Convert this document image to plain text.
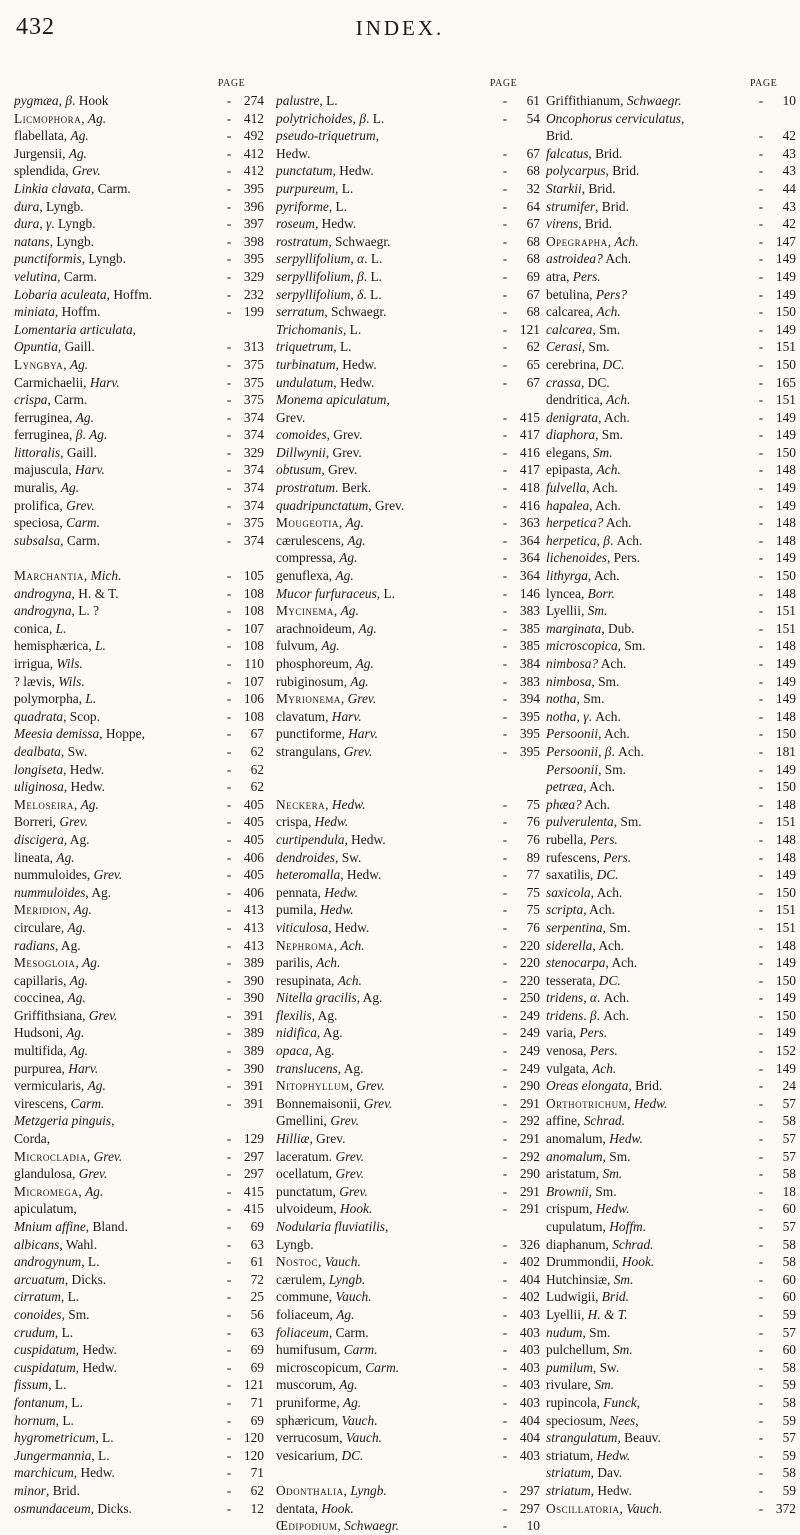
432	INDEX.
PAGE	PAGE	PAGE
pygmæa, β. Hook	- 274
Licmophora, Ag.	- 412
flabellata, Ag.	- 492
Jurgensii, Ag.	- 412
splendida, Grev.	- 412
Linkia clavata, Carm.	- 395
dura, Lyngb.	- 396
dura, γ. Lyngb.	- 397
natans, Lyngb.	- 398
punctiformis, Lyngb.	- 395
velutina, Carm.	- 329
Lobaria aculeata, Hoffm.	- 232
miniata, Hoffm.	- 199
Lomentaria articulata,
Opuntia, Gaill.	- 313
Lyngbya, Ag.	- 375
Carmichaelii, Harv.	- 375
crispa, Carm.	- 375
ferruginea, Ag.	- 374
ferruginea, β. Ag.	- 374
littoralis, Gaill.	- 329
majuscula, Harv.	- 374
muralis, Ag.	- 374
prolifica, Grev.	- 374
speciosa, Carm.	- 375
subsalsa, Carm.	- 374
Marchantia, Mich.	- 105
androgyna, H. & T.	- 108
androgyna, L. ?	- 108
conica, L.	- 107
hemisphærica, L.	- 108
irrigua, Wils.	- 110
? lævis, Wils.	- 107
polymorpha, L.	- 106
quadrata, Scop.	- 108
Meesia demissa, Hoppe,	-	67
dealbata, Sw.	-	62
longiseta, Hedw.	-	62
uliginosa, Hedw.	-	62
Meloseira, Ag.	- 405
Borreri, Grev.	- 405
discigera, Ag.	- 405
lineata, Ag.	- 406
nummuloides, Grev.	- 405
nummuloides, Ag.	- 406
Meridion, Ag.	- 413
circulare, Ag.	- 413
radians, Ag.	- 413
Mesogloia, Ag.	- 389
capillaris, Ag.	- 390
coccinea, Ag.	- 390
Griffithsiana, Grev.	- 391
Hudsoni, Ag.	- 389
multifida, Ag.	- 389
purpurea, Harv.	- 390
vermicularis, Ag.	- 391
virescens, Carm.	- 391
Metzgeria pinguis,
Corda,	- 129
Microcladia, Grev.	- 297
glandulosa, Grev.	- 297
Micromega, Ag.	- 415
apiculatum,	- 415
Mnium affine, Bland.	-	69
albicans, Wahl.	-	63
androgynum, L.	-	61
arcuatum, Dicks.	-	72
cirratum, L.	-	25
conoides, Sm.	-	56
crudum, L.	-	63
cuspidatum, Hedw.	-	69
cuspidatum, Hedw.	-	69
fissum, L.	- 121
fontanum, L.	-	71
hornum, L.	-	69
hygrometricum, L.	- 120
Jungermannia, L.	- 120
marchicum, Hedw.	-	71
minor, Brid.	-	62
osmundaceum, Dicks.	-	12
palustre, L.	-	61
polytrichoides, β. L.	-	54
pseudo-triquetrum,
Hedw.	-	67
punctatum, Hedw.	-	68
purpureum, L.	-	32
pyriforme, L.	-	64
roseum, Hedw.	-	67
rostratum, Schwaegr.	-	68
serpyllifolium, α. L.	-	68
serpyllifolium, β. L.	-	69
serpyllifolium, δ. L.	-	67
serratum, Schwaegr.	-	68
Trichomanis, L.	- 121
triquetrum, L.	-	62
turbinatum, Hedw.	-	65
undulatum, Hedw.	-	67
Monema apiculatum,
Grev.	- 415
comoides, Grev.	- 417
Dillwynii, Grev.	- 416
obtusum, Grev.	- 417
prostratum. Berk.	- 418
quadripunctatum, Grev.	- 416
Mougeotia, Ag.	- 363
cærulescens, Ag.	- 364
compressa, Ag.	- 364
genuflexa, Ag.	- 364
Mucor furfuraceus, L.	- 146
Mycinema, Ag.	- 383
arachnoideum, Ag.	- 385
fulvum, Ag.	- 385
phosphoreum, Ag.	- 384
rubiginosum, Ag.	- 383
Myrionema, Grev.	- 394
clavatum, Harv.	- 395
punctiforme, Harv.	- 395
strangulans, Grev.	- 395
Neckera, Hedw.	-	75
crispa, Hedw.	-	76
curtipendula, Hedw.	-	76
dendroides, Sw.	-	89
heteromalla, Hedw.	-	77
pennata, Hedw.	-	75
pumila, Hedw.	-	75
viticulosa, Hedw.	-	76
Nephroma, Ach.	- 220
parilis, Ach.	- 220
resupinata, Ach.	- 220
Nitella gracilis, Ag.	- 250
flexilis, Ag.	- 249
nidifica, Ag.	- 249
opaca, Ag.	- 249
translucens, Ag.	- 249
Nitophyllum, Grev.	- 290
Bonnemaisonii, Grev.	- 291
Gmellini, Grev.	- 292
Hilliæ, Grev.	- 291
laceratum. Grev.	- 292
ocellatum, Grev.	- 290
punctatum, Grev.	- 291
ulvoideum, Hook.	- 291
Nodularia fluviatilis,
Lyngb.	- 326
Nostoc, Vauch.	- 402
cærulem, Lyngb.	- 404
commune, Vauch.	- 402
foliaceum, Ag.	- 403
foliaceum, Carm.	- 403
humifusum, Carm.	- 403
microscopicum, Carm.	- 403
muscorum, Ag.	- 403
pruniforme, Ag.	- 403
sphæricum, Vauch.	- 404
verrucosum, Vauch.	- 404
vesicarium, DC.	- 403
Odonthalia, Lyngb.	- 297
dentata, Hook.	- 297
Œdipodium, Schwaegr.	-	10
Griffithianum, Schwaegr.	-	10
Oncophorus cerviculatus,
Brid.	-	42
falcatus, Brid.	-	43
polycarpus, Brid.	-	43
Starkii, Brid.	-	44
strumifer, Brid.	-	43
virens, Brid.	-	42
Opegrapha, Ach.	- 147
astroidea? Ach.	- 149
atra, Pers.	- 149
betulina, Pers?	- 149
calcarea, Ach.	- 150
calcarea, Sm.	- 149
Cerasi, Sm.	- 151
cerebrina, DC.	- 150
crassa, DC.	- 165
dendritica, Ach.	- 151
denigrata, Ach.	- 149
diaphora, Sm.	- 149
elegans, Sm.	- 150
epipasta, Ach.	- 148
fulvella, Ach.	- 149
hapalea, Ach.	- 149
herpetica? Ach.	- 148
herpetica, β. Ach.	- 148
lichenoides, Pers.	- 149
lithyrga, Ach.	- 150
lyncea, Borr.	- 148
Lyellii, Sm.	- 151
marginata, Dub.	- 151
microscopica, Sm.	- 148
nimbosa? Ach.	- 149
nimbosa, Sm.	- 149
notha, Sm.	- 149
notha, γ. Ach.	- 148
Persoonii, Ach.	- 150
Persoonii, β. Ach.	- 181
Persoonii, Sm.	- 149
petræa, Ach.	- 150
phæa? Ach.	- 148
pulverulenta, Sm.	- 151
rubella, Pers.	- 148
rufescens, Pers.	- 148
saxatilis, DC.	- 149
saxicola, Ach.	- 150
scripta, Ach.	- 151
serpentina, Sm.	- 151
siderella, Ach.	- 148
stenocarpa, Ach.	- 149
tesserata, DC.	- 150
tridens, α. Ach.	- 149
tridens. β. Ach.	- 150
varia, Pers.	- 149
venosa, Pers.	- 152
vulgata, Ach.	- 149
Oreas elongata, Brid.	-	24
Orthotrichum, Hedw.	-	57
affine, Schrad.	-	58
anomalum, Hedw.	-	57
anomalum, Sm.	-	57
aristatum, Sm.	-	58
Brownii, Sm.	-	18
crispum, Hedw.	-	60
cupulatum, Hoffm.	-	57
diaphanum, Schrad.	-	58
Drummondii, Hook.	-	58
Hutchinsiæ, Sm.	-	60
Ludwigii, Brid.	-	60
Lyellii, H. & T.	-	59
nudum, Sm.	-	57
pulchellum, Sm.	-	60
pumilum, Sw.	-	58
rivulare, Sm.	-	59
rupincola, Funck,	-	58
speciosum, Nees,	-	59
strangulatum, Beauv.	-	57
striatum, Hedw.	-	59
striatum, Dav.	-	58
striatum, Hedw.	-	59
Oscillatoria, Vauch.	- 372
